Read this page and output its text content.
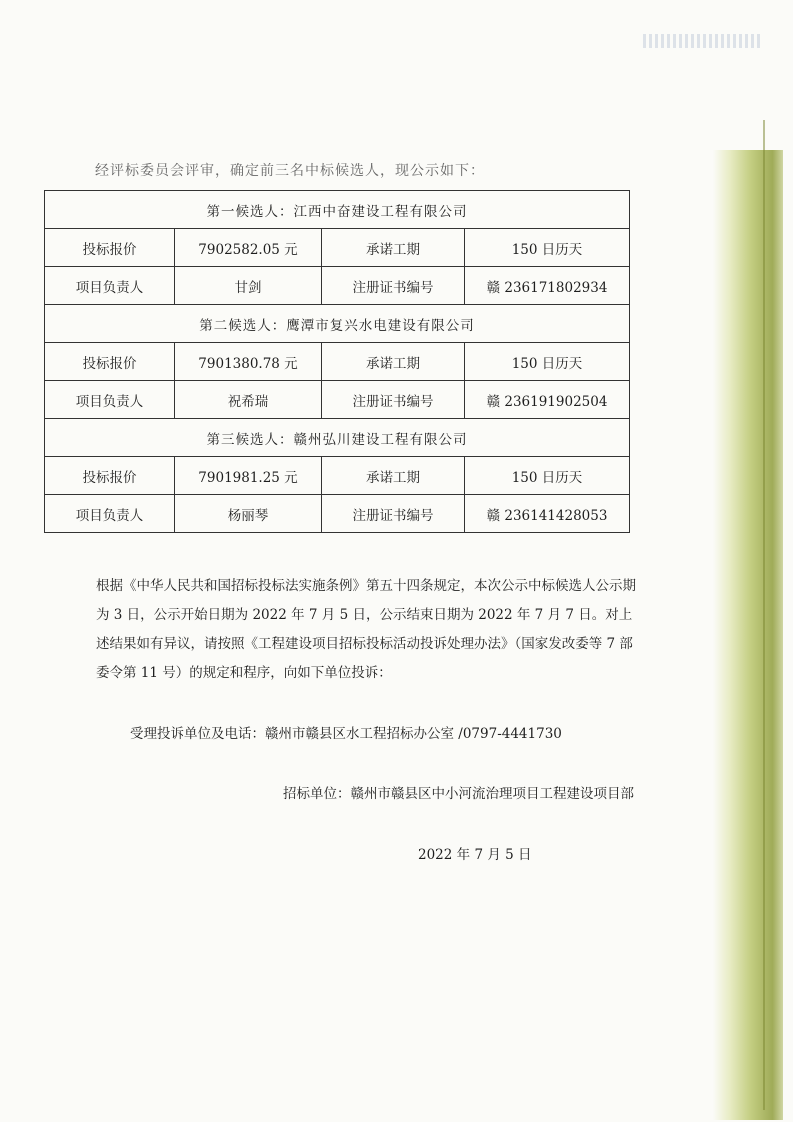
经评标委员会评审，确定前三名中标候选人，现公示如下：
第一候选人：江西中奋建设工程有限公司			
投标报价	7902582.05 元	承诺工期	150 日历天
项目负责人	甘剑	注册证书编号	赣 236171802934
第二候选人：鹰潭市复兴水电建设有限公司			
投标报价	7901380.78 元	承诺工期	150 日历天
项目负责人	祝希瑞	注册证书编号	赣 236191902504
第三候选人：赣州弘川建设工程有限公司			
投标报价	7901981.25 元	承诺工期	150 日历天
项目负责人	杨丽琴	注册证书编号	赣 236141428053
根据《中华人民共和国招标投标法实施条例》第五十四条规定，本次公示中标候选人公示期为 3 日，公示开始日期为 2022 年 7 月 5 日，公示结束日期为 2022 年 7 月 7 日。对上述结果如有异议，请按照《工程建设项目招标投标活动投诉处理办法》（国家发改委等 7 部委令第 11 号）的规定和程序，向如下单位投诉：
受理投诉单位及电话：赣州市赣县区水工程招标办公室 /0797-4441730
招标单位：赣州市赣县区中小河流治理项目工程建设项目部
2022 年 7 月 5 日
